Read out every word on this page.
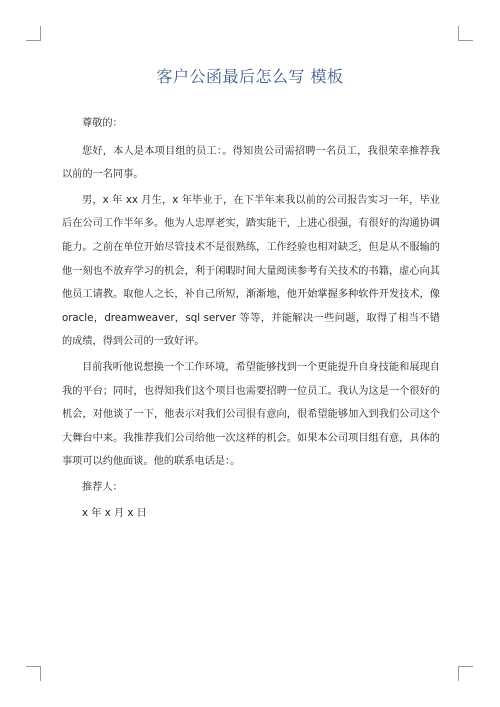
客户公函最后怎么写 模板

尊敬的：

您好，本人是本项目组的员工：。得知贵公司需招聘一名员工，我很荣幸推荐我以前的一名同事。

男，x 年 xx 月生，x 年毕业于，在下半年来我以前的公司报告实习一年，毕业后在公司工作半年多。他为人忠厚老实，踏实能干，上进心很强，有很好的沟通协调能力。之前在单位开始尽管技术不是很熟练，工作经验也相对缺乏，但是从不服输的他一刻也不放弃学习的机会，利于闲暇时间大量阅读参考有关技术的书籍，虚心向其他员工请教。取他人之长，补自己所短，渐渐地，他开始掌握多种软件开发技术，像 oracle，dreamweaver，sql server 等等，并能解决一些问题，取得了相当不错的成绩，得到公司的一致好评。

目前我听他说想换一个工作环境，希望能够找到一个更能提升自身技能和展现自我的平台；同时，也得知我们这个项目也需要招聘一位员工。我认为这是一个很好的机会，对他谈了一下，他表示对我们公司很有意向，很希望能够加入到我们公司这个大舞台中来。我推荐我们公司给他一次这样的机会。如果本公司项目组有意，具体的事项可以约他面谈。他的联系电话是：。

推荐人：

x 年 x 月 x 日
